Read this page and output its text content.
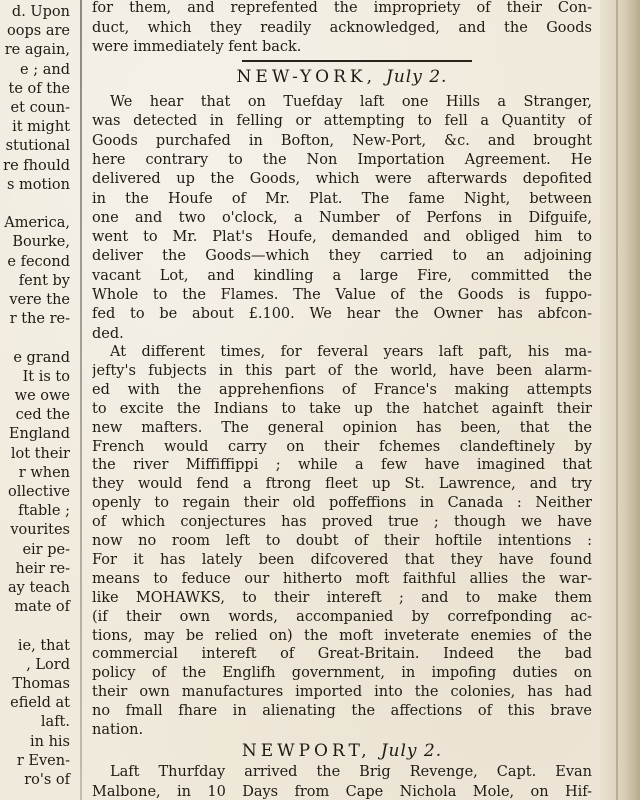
d. Upon
oops are
re again,
e ; and
te of the
et coun-
it might
stutional
re fhould
s motion
America,
Bourke,
e fecond
fent by
vere the
r the re-
e grand
It is to
we owe
ced the
England
lot their
r when
ollective
ftable ;
vourites
eir pe-
heir re-
ay teach
mate of
ie, that
, Lord
Thomas
efield at
laft.
in his
r Even-
ro's of
NEW-YORK, July 2.
NEWPORT, July 2.
for them, and reprefented the impropriety of their Con-
duct, which they readily acknowledged, and the Goods
were immediately fent back.
We hear that on Tuefday laft one Hills a Stranger,
was detected in felling or attempting to fell a Quantity of
Goods purchafed in Bofton, New-Port, &c. and brought
here contrary to the Non Importation Agreement. He
delivered up the Goods, which were afterwards depofited
in the Houfe of Mr. Plat. The fame Night, between
one and two o'clock, a Number of Perfons in Difguife,
went to Mr. Plat's Houfe, demanded and obliged him to
deliver the Goods—which they carried to an adjoining
vacant Lot, and kindling a large Fire, committed the
Whole to the Flames. The Value of the Goods is fuppo-
fed to be about £.100. We hear the Owner has abfcon-
ded.
At different times, for feveral years laft paft, his ma-
jefty's fubjects in this part of the world, have been alarm-
ed with the apprehenfions of France's making attempts
to excite the Indians to take up the hatchet againft their
new mafters. The general opinion has been, that the
French would carry on their fchemes clandeftinely by
the river Miffiffippi ; while a few have imagined that
they would fend a ftrong fleet up St. Lawrence, and try
openly to regain their old poffeffions in Canada : Neither
of which conjectures has proved true ; though we have
now no room left to doubt of their hoftile intentions :
For it has lately been difcovered that they have found
means to feduce our hitherto moft faithful allies the war-
like MOHAWKS, to their intereft ; and to make them
(if their own words, accompanied by correfponding ac-
tions, may be relied on) the moft inveterate enemies of the
commercial intereft of Great-Britain. Indeed the bad
policy of the Englifh government, in impofing duties on
their own manufactures imported into the colonies, has had
no fmall fhare in alienating the affections of this brave
nation.
Laft Thurfday arrived the Brig Revenge, Capt. Evan
Malbone, in 10 Days from Cape Nichola Mole, on Hif-
